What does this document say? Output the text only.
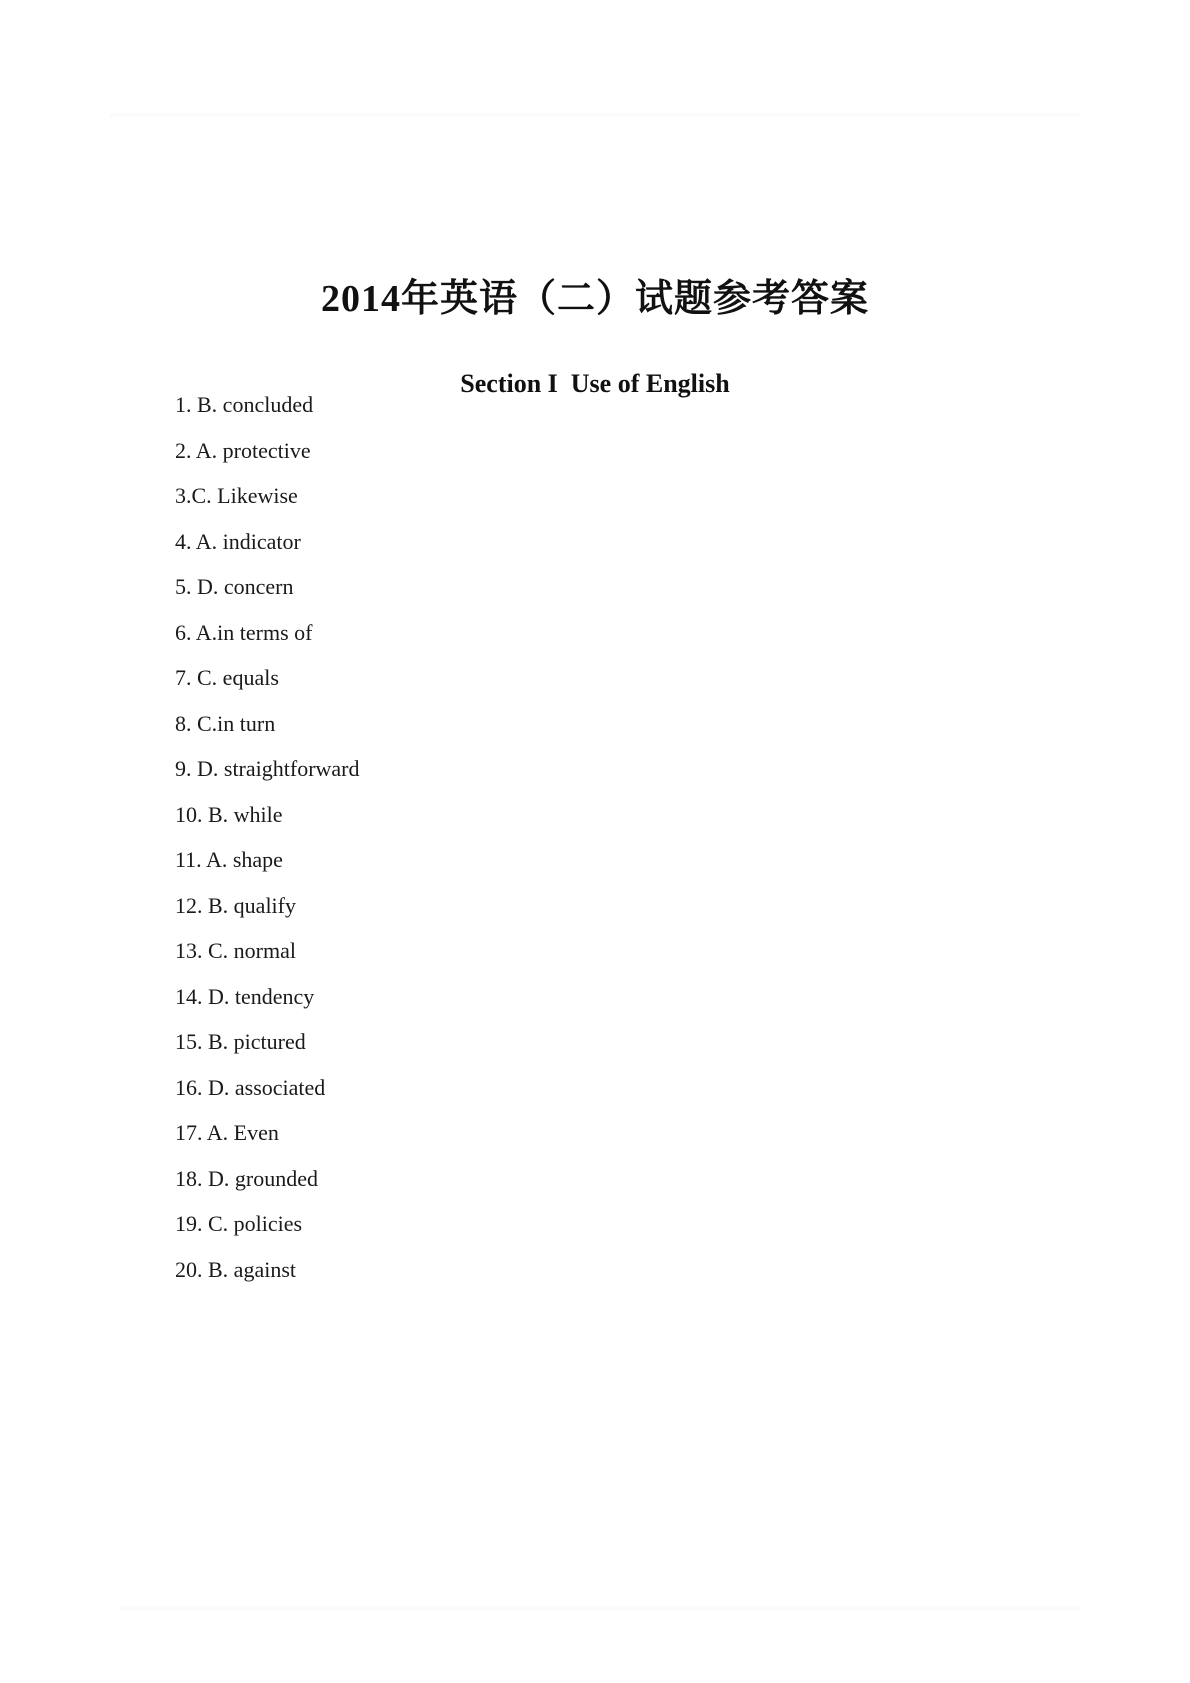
2014年英语（二）试题参考答案
Section I  Use of English
1. B. concluded
2. A. protective
3.C. Likewise
4. A. indicator
5. D. concern
6. A.in terms of
7. C. equals
8. C.in turn
9. D. straightforward
10. B. while
11. A. shape
12. B. qualify
13. C. normal
14. D. tendency
15. B. pictured
16. D. associated
17. A. Even
18. D. grounded
19. C. policies
20. B. against
